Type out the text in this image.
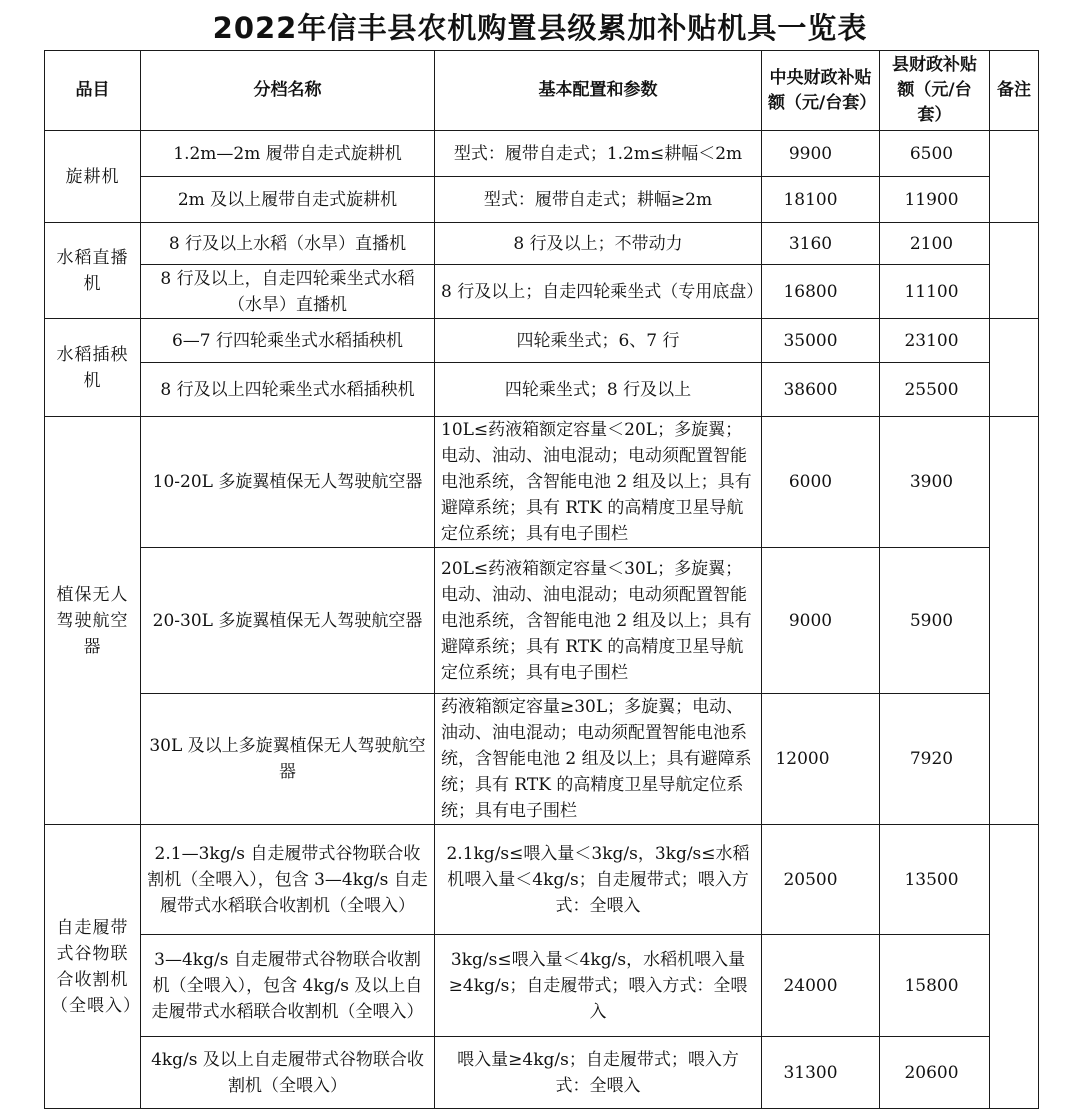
2022年信丰县农机购置县级累加补贴机具一览表
品目	分档名称	基本配置和参数	中央财政补贴额（元/台套）	县财政补贴额（元/台套）	备注
旋耕机	1.2m—2m 履带自走式旋耕机	型式：履带自走式；1.2m≤耕幅＜2m	9900	6500	
	2m 及以上履带自走式旋耕机	型式：履带自走式；耕幅≥2m	18100	11900	
水稻直播机	8 行及以上水稻（水旱）直播机	8 行及以上；不带动力	3160	2100	
	8 行及以上，自走四轮乘坐式水稻（水旱）直播机	8 行及以上；自走四轮乘坐式（专用底盘）	16800	11100	
水稻插秧机	6—7 行四轮乘坐式水稻插秧机	四轮乘坐式；6、7 行	35000	23100	
	8 行及以上四轮乘坐式水稻插秧机	四轮乘坐式；8 行及以上	38600	25500	
植保无人驾驶航空器	10-20L 多旋翼植保无人驾驶航空器	10L≤药液箱额定容量＜20L；多旋翼；电动、油动、油电混动；电动须配置智能电池系统，含智能电池 2 组及以上；具有避障系统；具有 RTK 的高精度卫星导航定位系统；具有电子围栏	6000	3900	
	20-30L 多旋翼植保无人驾驶航空器	20L≤药液箱额定容量＜30L；多旋翼；电动、油动、油电混动；电动须配置智能电池系统，含智能电池 2 组及以上；具有避障系统；具有 RTK 的高精度卫星导航定位系统；具有电子围栏	9000	5900	
	30L 及以上多旋翼植保无人驾驶航空器	药液箱额定容量≥30L；多旋翼；电动、油动、油电混动；电动须配置智能电池系统，含智能电池 2 组及以上；具有避障系统；具有 RTK 的高精度卫星导航定位系统；具有电子围栏	12000	7920	
自走履带式谷物联合收割机（全喂入）	2.1—3kg/s 自走履带式谷物联合收割机（全喂入），包含 3—4kg/s 自走履带式水稻联合收割机（全喂入）	2.1kg/s≤喂入量＜3kg/s，3kg/s≤水稻机喂入量＜4kg/s；自走履带式；喂入方式：全喂入	20500	13500	
	3—4kg/s 自走履带式谷物联合收割机（全喂入），包含 4kg/s 及以上自走履带式水稻联合收割机（全喂入）	3kg/s≤喂入量＜4kg/s，水稻机喂入量≥4kg/s；自走履带式；喂入方式：全喂入	24000	15800	
	4kg/s 及以上自走履带式谷物联合收割机（全喂入）	喂入量≥4kg/s；自走履带式；喂入方式：全喂入	31300	20600	
